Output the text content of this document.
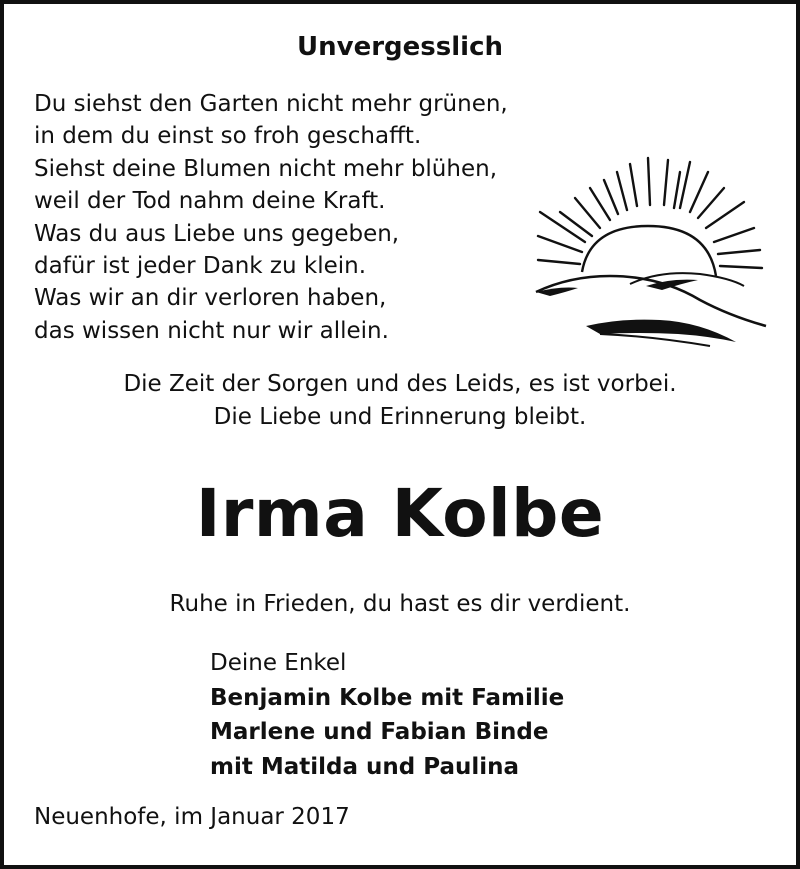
Unvergesslich
Du siehst den Garten nicht mehr grünen,
in dem du einst so froh geschafft.
Siehst deine Blumen nicht mehr blühen,
weil der Tod nahm deine Kraft.
Was du aus Liebe uns gegeben,
dafür ist jeder Dank zu klein.
Was wir an dir verloren haben,
das wissen nicht nur wir allein.
Die Zeit der Sorgen und des Leids, es ist vorbei.
Die Liebe und Erinnerung bleibt.
Irma Kolbe
Ruhe in Frieden, du hast es dir verdient.
Deine Enkel
Benjamin Kolbe mit Familie
Marlene und Fabian Binde
mit Matilda und Paulina
Neuenhofe, im Januar 2017
